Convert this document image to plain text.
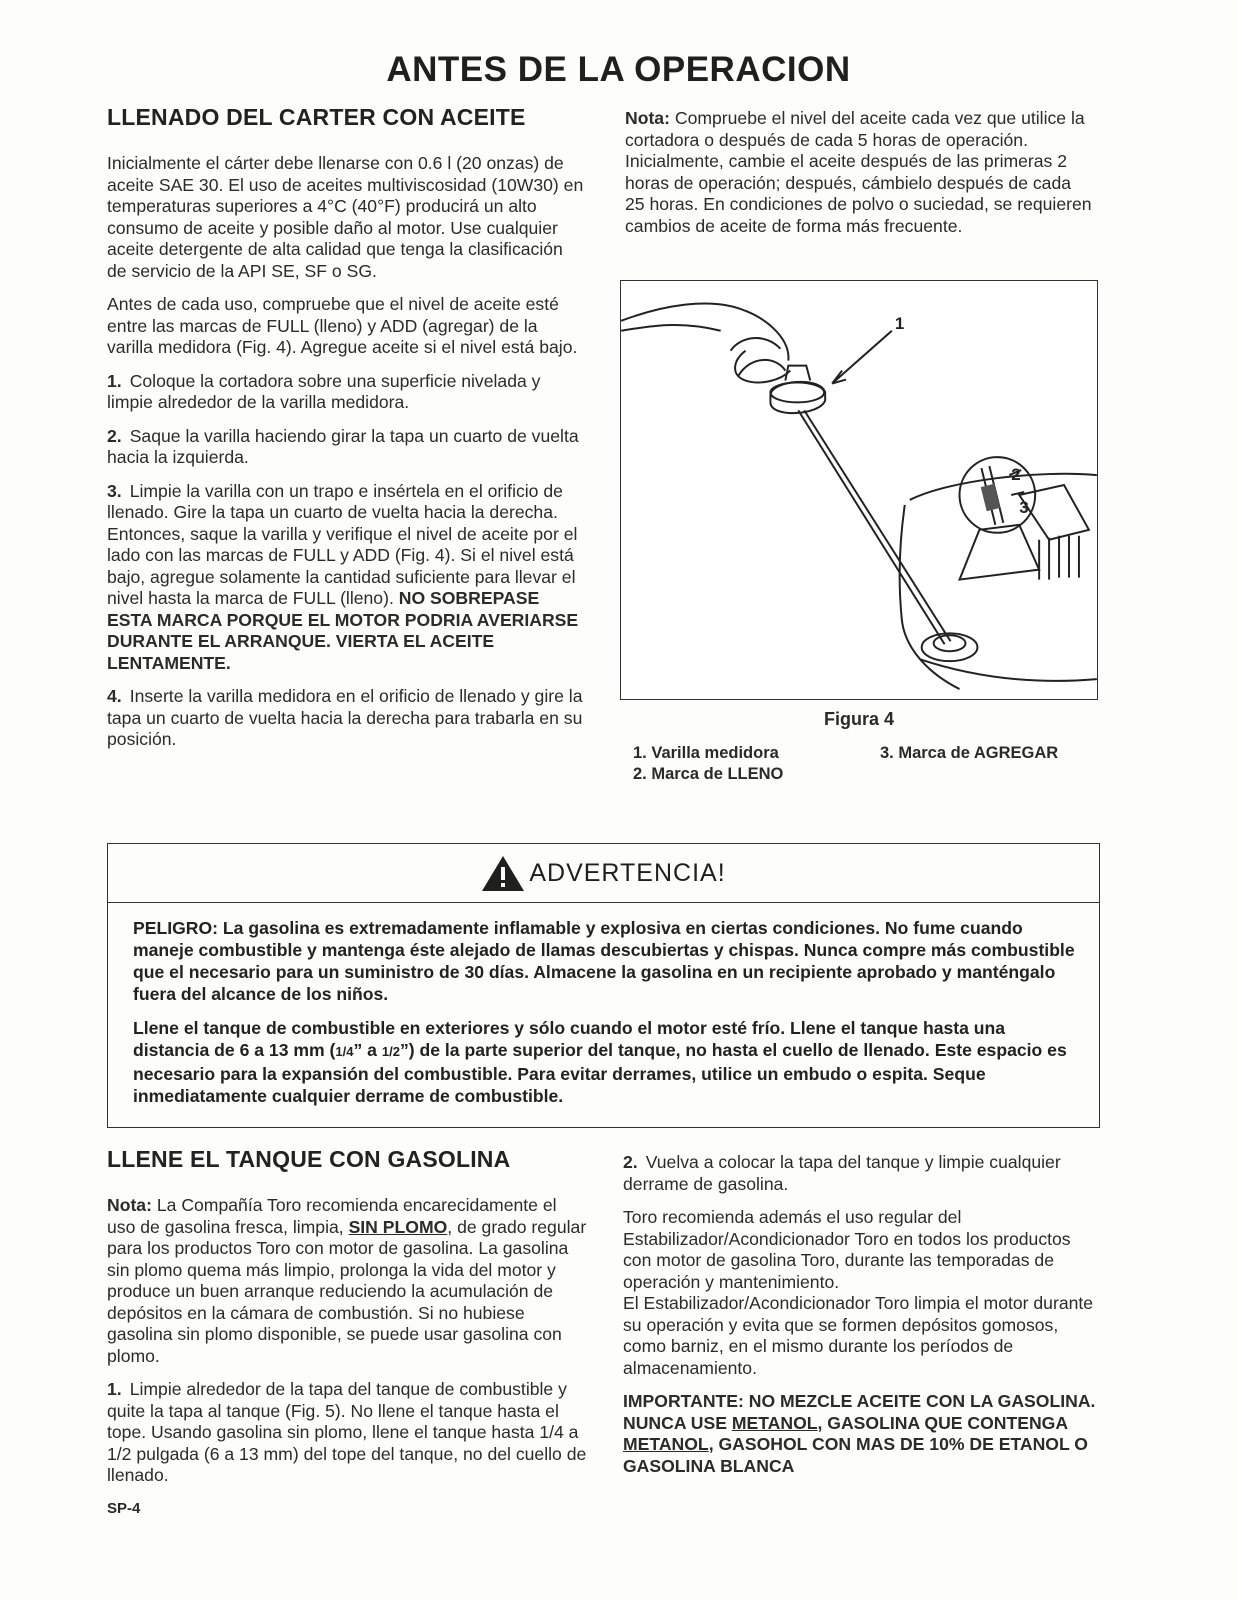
ANTES DE LA OPERACION
LLENADO DEL CARTER CON ACEITE

Inicialmente el cárter debe llenarse con 0.6 l (20 onzas) de aceite SAE 30. El uso de aceites multiviscosidad (10W30) en temperaturas superiores a 4°C (40°F) producirá un alto consumo de aceite y posible daño al motor. Use cualquier aceite detergente de alta calidad que tenga la clasificación de servicio de la API SE, SF o SG.

Antes de cada uso, compruebe que el nivel de aceite esté entre las marcas de FULL (lleno) y ADD (agregar) de la varilla medidora (Fig. 4). Agregue aceite si el nivel está bajo.

1. Coloque la cortadora sobre una superficie nivelada y limpie alrededor de la varilla medidora.

2. Saque la varilla haciendo girar la tapa un cuarto de vuelta hacia la izquierda.

3. Limpie la varilla con un trapo e insértela en el orificio de llenado. Gire la tapa un cuarto de vuelta hacia la derecha. Entonces, saque la varilla y verifique el nivel de aceite por el lado con las marcas de FULL y ADD (Fig. 4). Si el nivel está bajo, agregue solamente la cantidad suficiente para llevar el nivel hasta la marca de FULL (lleno). NO SOBREPASE ESTA MARCA PORQUE EL MOTOR PODRIA AVERIARSE DURANTE EL ARRANQUE. VIERTA EL ACEITE LENTAMENTE.

4. Inserte la varilla medidora en el orificio de llenado y gire la tapa un cuarto de vuelta hacia la derecha para trabarla en su posición.

Nota: Compruebe el nivel del aceite cada vez que utilice la cortadora o después de cada 5 horas de operación. Inicialmente, cambie el aceite después de las primeras 2 horas de operación; después, cámbielo después de cada 25 horas. En condiciones de polvo o suciedad, se requieren cambios de aceite de forma más frecuente.

1
2
3
Figura 4
1. Varilla medidora
2. Marca de LLENO
3. Marca de AGREGAR
ADVERTENCIA!

PELIGRO: La gasolina es extremadamente inflamable y explosiva en ciertas condiciones. No fume cuando maneje combustible y mantenga éste alejado de llamas descubiertas y chispas. Nunca compre más combustible que el necesario para un suministro de 30 días. Almacene la gasolina en un recipiente aprobado y manténgalo fuera del alcance de los niños.

Llene el tanque de combustible en exteriores y sólo cuando el motor esté frío. Llene el tanque hasta una distancia de 6 a 13 mm (1/4” a 1/2”) de la parte superior del tanque, no hasta el cuello de llenado. Este espacio es necesario para la expansión del combustible. Para evitar derrames, utilice un embudo o espita. Seque inmediatamente cualquier derrame de combustible.

LLENE EL TANQUE CON GASOLINA

Nota: La Compañía Toro recomienda encarecidamente el uso de gasolina fresca, limpia, SIN PLOMO, de grado regular para los productos Toro con motor de gasolina. La gasolina sin plomo quema más limpio, prolonga la vida del motor y produce un buen arranque reduciendo la acumulación de depósitos en la cámara de combustión. Si no hubiese gasolina sin plomo disponible, se puede usar gasolina con plomo.

1. Limpie alrededor de la tapa del tanque de combustible y quite la tapa al tanque (Fig. 5). No llene el tanque hasta el tope. Usando gasolina sin plomo, llene el tanque hasta 1/4 a 1/2 pulgada (6 a 13 mm) del tope del tanque, no del cuello de llenado.

2. Vuelva a colocar la tapa del tanque y limpie cualquier derrame de gasolina.

Toro recomienda además el uso regular del Estabilizador/Acondicionador Toro en todos los productos con motor de gasolina Toro, durante las temporadas de operación y mantenimiento.

El Estabilizador/Acondicionador Toro limpia el motor durante su operación y evita que se formen depósitos gomosos, como barniz, en el mismo durante los períodos de almacenamiento.

IMPORTANTE: NO MEZCLE ACEITE CON LA GASOLINA. NUNCA USE METANOL, GASOLINA QUE CONTENGA METANOL, GASOHOL CON MAS DE 10% DE ETANOL O GASOLINA BLANCA

SP-4
